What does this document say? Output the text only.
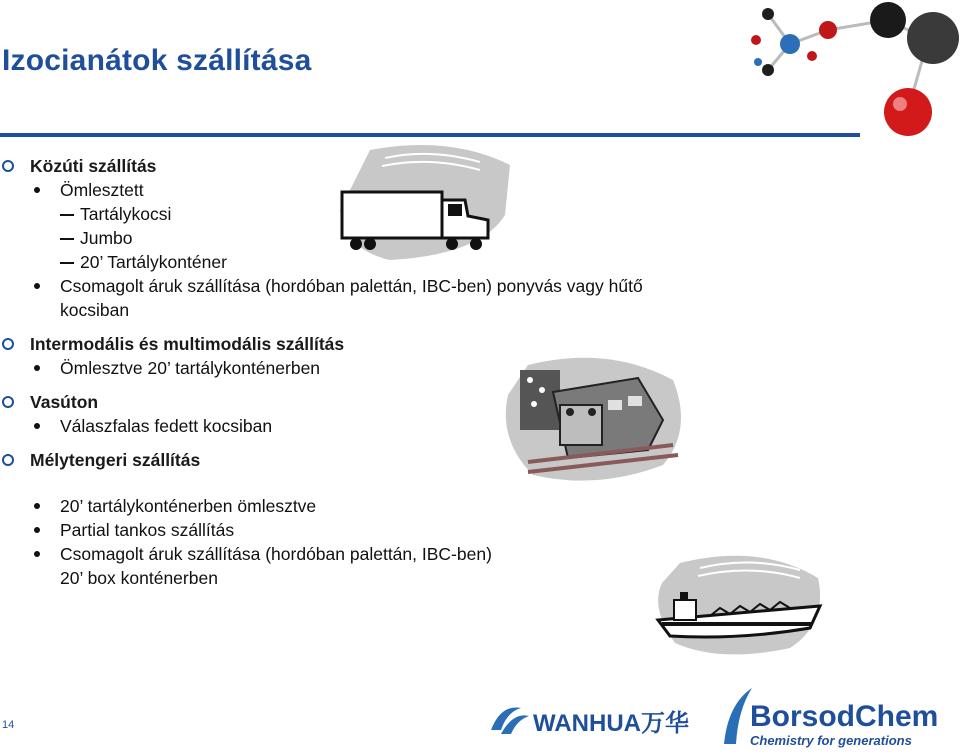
Izocianátok szállítása
Közúti szállítás
Ömlesztett
Tartálykocsi
Jumbo
20’ Tartálykonténer
Csomagolt áruk szállítása (hordóban palettán, IBC-ben) ponyvás vagy hűtő
kocsiban
Intermodális és multimodális szállítás
Ömlesztve 20’ tartálykonténerben
Vasúton
Válaszfalas fedett kocsiban
Mélytengeri szállítás
20’ tartálykonténerben ömlesztve
Partial tankos szállítás
Csomagolt áruk szállítása (hordóban palettán, IBC-ben)
20’ box konténerben
14	WANHUA万华 BorsodChem
Chemistry for generations
